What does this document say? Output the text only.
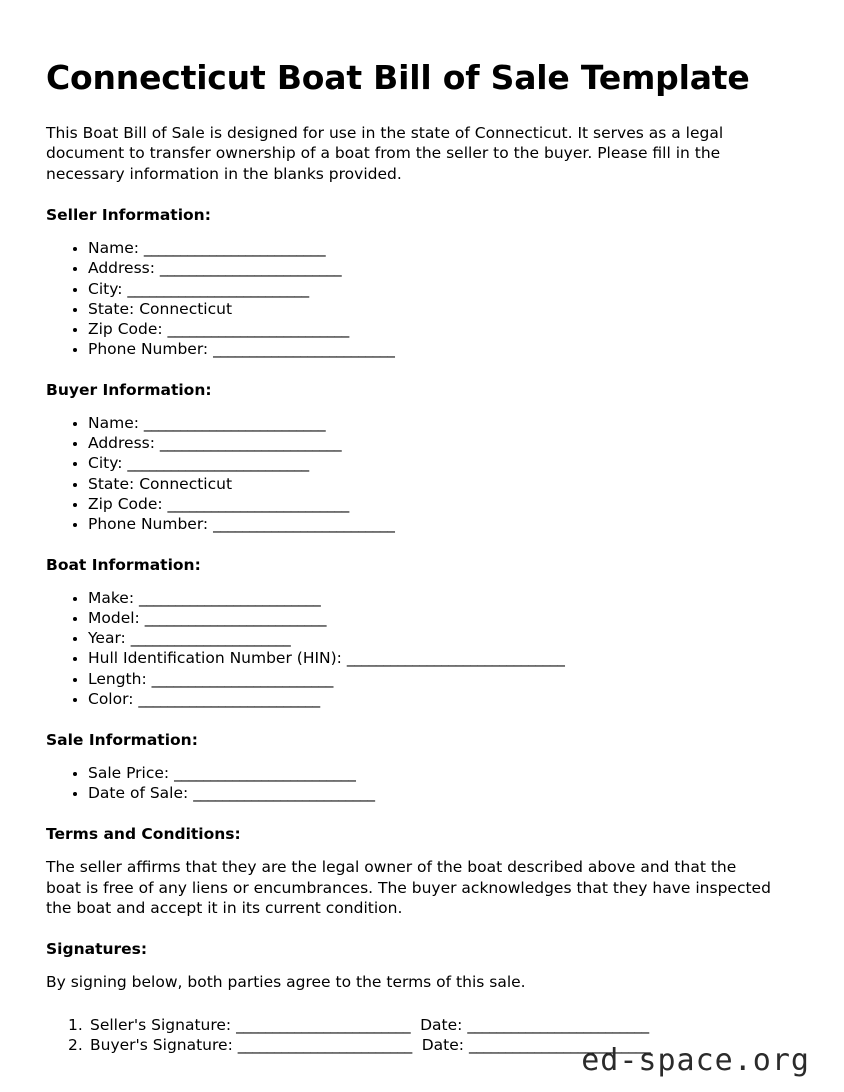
Connecticut Boat Bill of Sale Template

This Boat Bill of Sale is designed for use in the state of Connecticut. It serves as a legal document to transfer ownership of a boat from the seller to the buyer. Please fill in the necessary information in the blanks provided.

Seller Information:
Name: _________________________
Address: _________________________
City: _________________________
State: Connecticut
Zip Code: _________________________
Phone Number: _________________________
Buyer Information:
Name: _________________________
Address: _________________________
City: _________________________
State: Connecticut
Zip Code: _________________________
Phone Number: _________________________
Boat Information:
Make: _________________________
Model: _________________________
Year: ______________________
Hull Identification Number (HIN): ______________________________
Length: _________________________
Color: _________________________
Sale Information:
Sale Price: _________________________
Date of Sale: _________________________
Terms and Conditions:

The seller affirms that they are the legal owner of the boat described above and that the boat is free of any liens or encumbrances. The buyer acknowledges that they have inspected the boat and accept it in its current condition.

Signatures:

By signing below, both parties agree to the terms of this sale.

Seller's Signature: ________________________ Date: _________________________
Buyer's Signature: ________________________ Date: _________________________
ed-space.org
